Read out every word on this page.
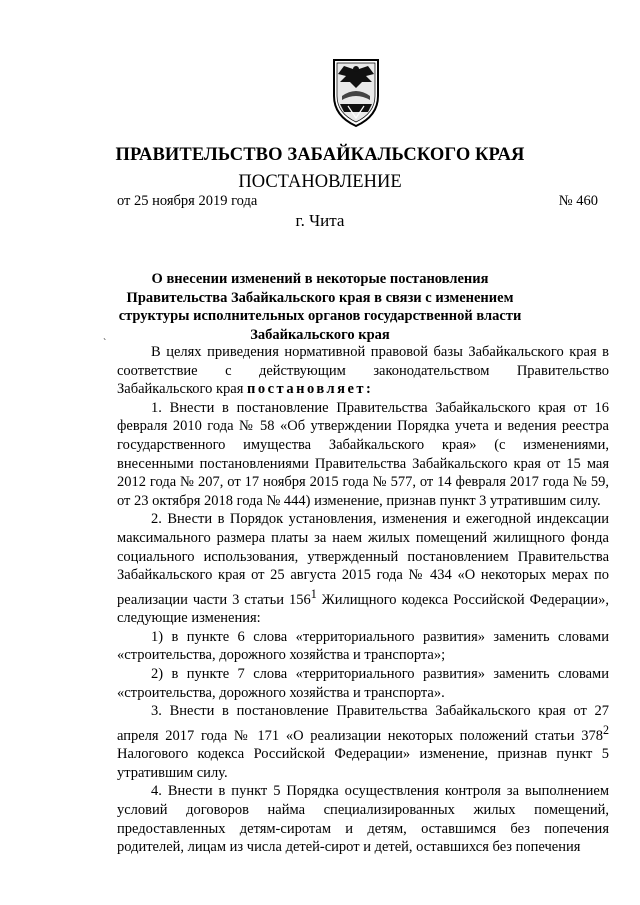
ПРАВИТЕЛЬСТВО ЗАБАЙКАЛЬСКОГО КРАЯ
ПОСТАНОВЛЕНИЕ
от 25 ноября 2019 года	№ 460
г. Чита
О внесении изменений в некоторые постановления Правительства Забайкальского края в связи с изменением структуры исполнительных органов государственной власти Забайкальского края
`

В целях приведения нормативной правовой базы Забайкальского края в соответствие с действующим законодательством Правительство Забайкальского края постановляет:

1. Внести в постановление Правительства Забайкальского края от 16 февраля 2010 года № 58 «Об утверждении Порядка учета и ведения реестра государственного имущества Забайкальского края» (с изменениями, внесенными постановлениями Правительства Забайкальского края от 15 мая 2012 года № 207, от 17 ноября 2015 года № 577, от 14 февраля 2017 года № 59, от 23 октября 2018 года № 444) изменение, признав пункт 3 утратившим силу.

2. Внести в Порядок установления, изменения и ежегодной индексации максимального размера платы за наем жилых помещений жилищного фонда социального использования, утвержденный постановлением Правительства Забайкальского края от 25 августа 2015 года № 434 «О некоторых мерах по реализации части 3 статьи $156^1$ Жилищного кодекса Российской Федерации», следующие изменения:

1) в пункте 6 слова «территориального развития» заменить словами «строительства, дорожного хозяйства и транспорта»;

2) в пункте 7 слова «территориального развития» заменить словами «строительства, дорожного хозяйства и транспорта».

3. Внести в постановление Правительства Забайкальского края от 27 апреля 2017 года № 171 «О реализации некоторых положений статьи $378^2$ Налогового кодекса Российской Федерации» изменение, признав пункт 5 утратившим силу.

4. Внести в пункт 5 Порядка осуществления контроля за выполнением условий договоров найма специализированных жилых помещений, предоставленных детям-сиротам и детям, оставшимся без попечения родителей, лицам из числа детей-сирот и детей, оставшихся без попечения
